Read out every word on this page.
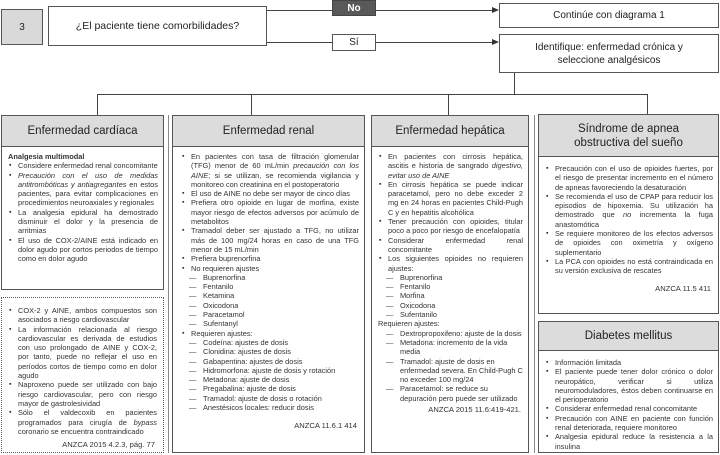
3	¿El paciente tiene comorbilidades?
No
Sí
Continúe con diagrama 1
Identifique: enfermedad crónica y seleccione analgésicos
Enfermedad cardíaca
Analgesia multimodal
▪ Considere enfermedad renal concomitante
▪ Precaución con el uso de medidas antitrombóticas y antiagregantes en estos pacientes, para evitar complicaciones en procedimientos neuroaxiales y regionales
▪ La analgesia epidural ha demostrado disminuir el dolor y la presencia de arritmias
▪ El uso de COX-2/AINE está indicado en dolor agudo por cortos periodos de tiempo como en dolor agudo
▪ COX-2 y AINE, ambos compuestos son asociados a riesgo cardiovascular
▪ La información relacionada al riesgo cardiovascular es derivada de estudios con uso prolongado de AINE y COX-2, por tanto, puede no reflejar el uso en períodos cortos de tiempo como en dolor agudo
▪ Naproxeno puede ser utilizado con bajo riesgo cardiovascular, pero con riesgo mayor de gastrolesividad
▪ Sólo el valdecoxib en pacientes programados para cirugía de bypass coronario se encuentra contraindicado
ANZCA 2015 4.2.3, pág. 77
Enfermedad renal
▪ En pacientes con tasa de filtración glomerular (TFG) menor de 60 mL/min precaución con los AINE; si se utilizan, se recomienda vigilancia y monitoreo con creatinina en el postoperatorio
▪ El uso de AINE no debe ser mayor de cinco días
▪ Prefiera otro opioide en lugar de morfina, existe mayor riesgo de efectos adversos por acúmulo de metabolitos
▪ Tramadol deber ser ajustado a TFG, no utilizar más de 100 mg/24 horas en caso de una TFG menor de 15 mL/min
▪ Prefiera buprenorfina
▪ No requieren ajustes
— Buprenorfina
— Fentanilo
— Ketamina
— Oxicodona
— Paracetamol
— Sufentanyl
▪ Requieren ajustes:
— Codeína: ajustes de dosis
— Clonidina: ajustes de dosis
— Gabapentina: ajustes de dosis
— Hidromorfona: ajuste de dosis y rotación
— Metadona: ajuste de dosis
— Pregabalina: ajuste de dosis
— Tramadol: ajuste de dosis o rotación
— Anestésicos locales: reducir dosis
ANZCA 11.6.1 414
Enfermedad hepática
▪ En pacientes con cirrosis hepática, ascitis e historia de sangrado digestivo, evitar uso de AINE
▪ En cirrosis hepática se puede indicar paracetamol, pero no debe exceder 2 mg en 24 horas en pacientes Child-Pugh C y en hepatitis alcohólica
▪ Tener precaución con opioides, titular poco a poco por riesgo de encefalopatía
▪ Considerar enfermedad renal concomitante
▪ Los siguientes opioides no requieren ajustes:
— Buprenorfina
— Fentanilo
— Morfina
— Oxicodona
— Sufentanilo
Requieren ajustes:
— Dextropropoxifeno: ajuste de la dosis
— Metadona: incremento de la vida media
— Tramadol: ajuste de dosis en enfermedad severa. En Child-Pugh C no exceder 100 mg/24
— Paracetamol: se reduce su depuración pero puede ser utilizado
ANZCA 2015 11.6:419-421.
Síndrome de apnea obstructiva del sueño
▪ Precaución con el uso de opioides fuertes, por el riesgo de presentar incremento en el número de apneas favoreciendo la desaturación
▪ Se recomienda el uso de CPAP para reducir los episodios de hipoxemia. Su utilización ha demostrado que no incrementa la fuga anastomótica
▪ Se requiere monitoreo de los efectos adversos de opioides con oximetría y oxígeno suplementario
▪ La PCA con opioides no está contraindicada en su versión exclusiva de rescates
ANZCA 11.5 411
Diabetes mellitus
▪ Información limitada
▪ El paciente puede tener dolor crónico o dolor neuropático, verificar si utiliza neuromoduladores, éstos deben continuarse en el perioperatorio
▪ Considerar enfermedad renal concomitante
▪ Precaución con AINE en paciente con función renal deteriorada, requiere monitoreo
▪ Analgesia epidural reduce la resistencia a la insulina
